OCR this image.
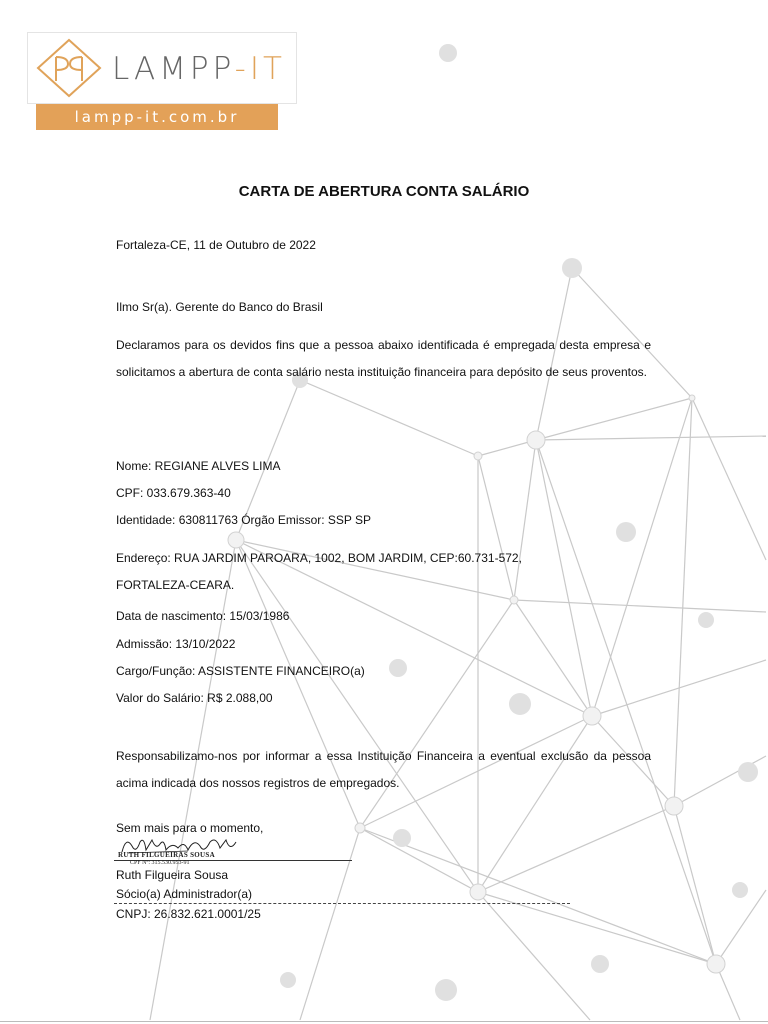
LAMPP-IT
lampp-it.com.br
CARTA DE ABERTURA CONTA SALÁRIO
Fortaleza-CE, 11 de Outubro de 2022
Ilmo Sr(a). Gerente do Banco do Brasil
Declaramos para os devidos fins que a pessoa abaixo identificada é empregada desta empresa e solicitamos a abertura de conta salário nesta instituição financeira para depósito de seus proventos.
Nome: REGIANE ALVES LIMA
CPF: 033.679.363-40
Identidade: 630811763 Órgão Emissor: SSP SP
Endereço: RUA JARDIM PAROARA, 1002, BOM JARDIM, CEP:60.731-572,
FORTALEZA-CEARA.
Data de nascimento: 15/03/1986
Admissão: 13/10/2022
Cargo/Função: ASSISTENTE FINANCEIRO(a)
Valor do Salário: R$ 2.088,00
Responsabilizamo-nos por informar a essa Instituição Financeira a eventual exclusão da pessoa acima indicada dos nossos registros de empregados.
Sem mais para o momento,
RUTH FILGUEIRAS SOUSA
CPF Nº: 315.530.953-91
Ruth Filgueira Sousa
Sócio(a) Administrador(a)
CNPJ: 26.832.621.0001/25
